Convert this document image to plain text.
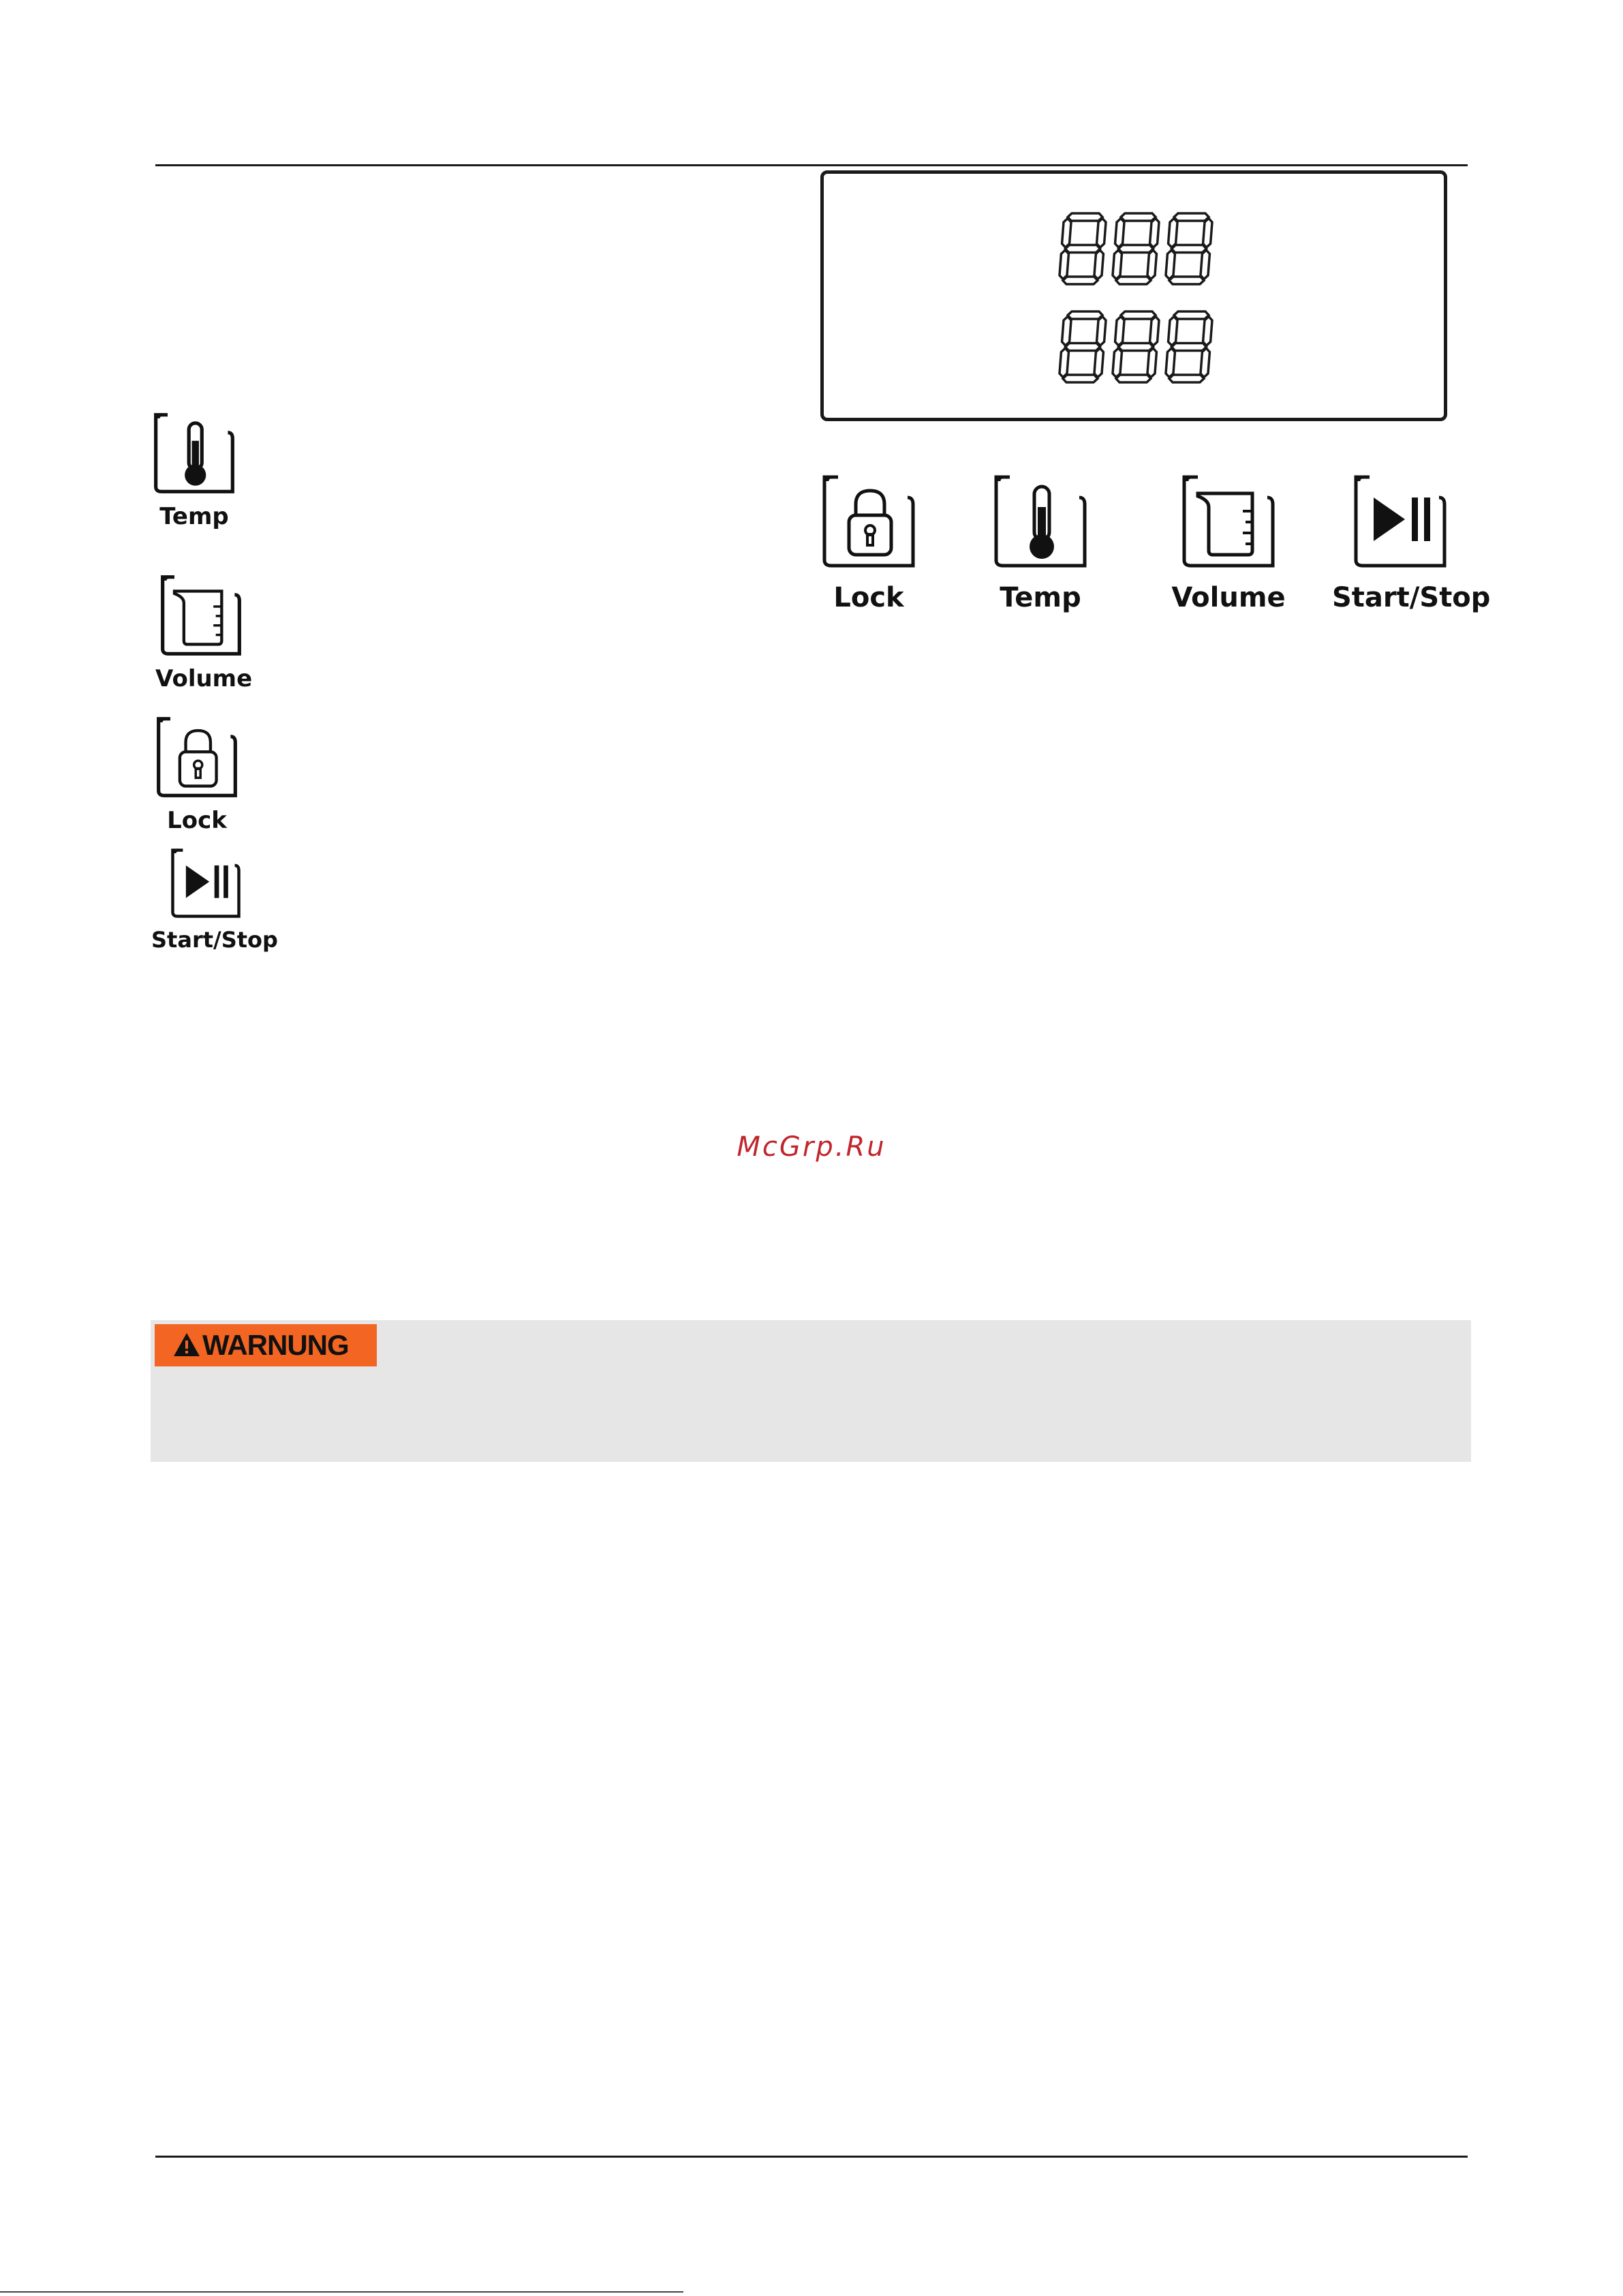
Lock	Temp	Volume	Start/Stop
Temp
Volume
Lock
Start/Stop
McGrp.Ru
WARNUNG
